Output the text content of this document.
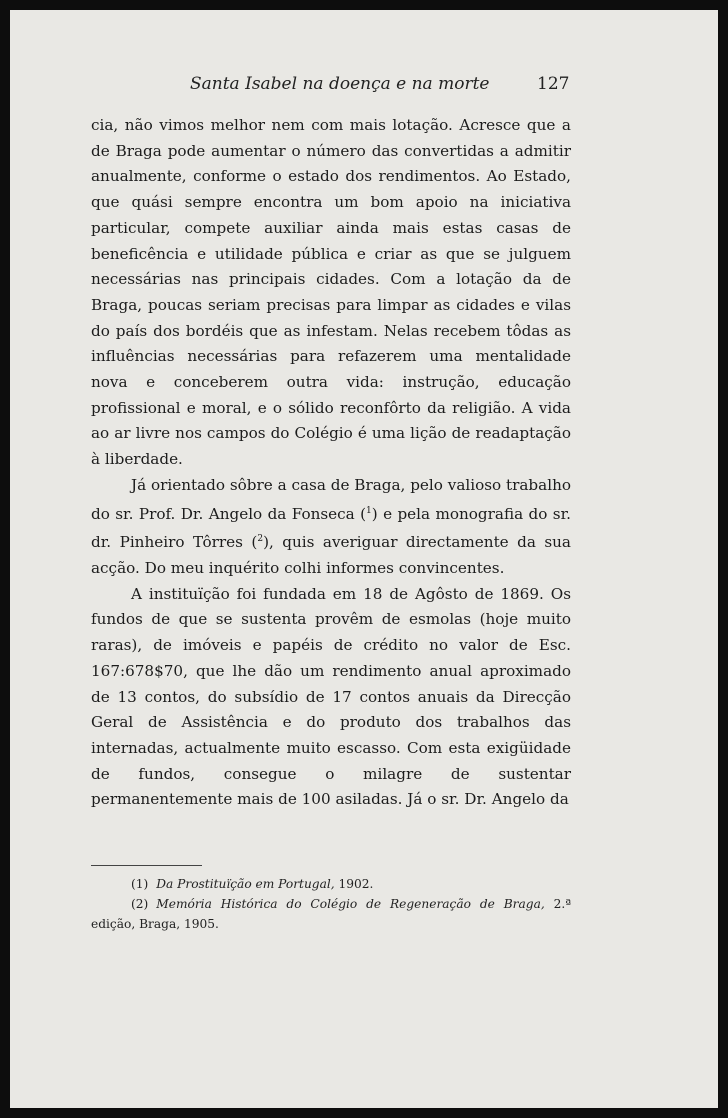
Santa Isabel na doença e na morte	127

cia, não vimos melhor nem com mais lotação. Acresce que a de Braga pode aumentar o número das convertidas a admitir anualmente, conforme o estado dos rendimentos. Ao Estado, que quási sempre encontra um bom apoio na iniciativa particular, compete auxiliar ainda mais estas casas de beneficência e utilidade pública e criar as que se julguem necessárias nas principais cidades. Com a lotação da de Braga, poucas seriam precisas para limpar as cidades e vilas do país dos bordéis que as infestam. Nelas recebem tôdas as influências necessárias para refazerem uma mentalidade nova e conceberem outra vida: instrução, educação profissional e moral, e o sólido reconfôrto da religião. A vida ao ar livre nos campos do Colégio é uma lição de readaptação à liberdade.

Já orientado sôbre a casa de Braga, pelo valioso trabalho do sr. Prof. Dr. Angelo da Fonseca ($^1$) e pela monografia do sr. dr. Pinheiro Tôrres ($^2$), quis averiguar directamente da sua acção. Do meu inquérito colhi informes convincentes.

A instituïção foi fundada em 18 de Agôsto de 1869. Os fundos de que se sustenta provêm de esmolas (hoje muito raras), de imóveis e papéis de crédito no valor de Esc. 167:678$70, que lhe dão um rendimento anual aproximado de 13 contos, do subsídio de 17 contos anuais da Direcção Geral de Assistência e do produto dos trabalhos das internadas, actualmente muito escasso. Com esta exigüidade de fundos, consegue o milagre de sustentar permanentemente mais de 100 asiladas. Já o sr. Dr. Angelo da

(1) Da Prostituïção em Portugal, 1902.

(2) Memória Histórica do Colégio de Regeneração de Braga, 2.ª edição, Braga, 1905.
